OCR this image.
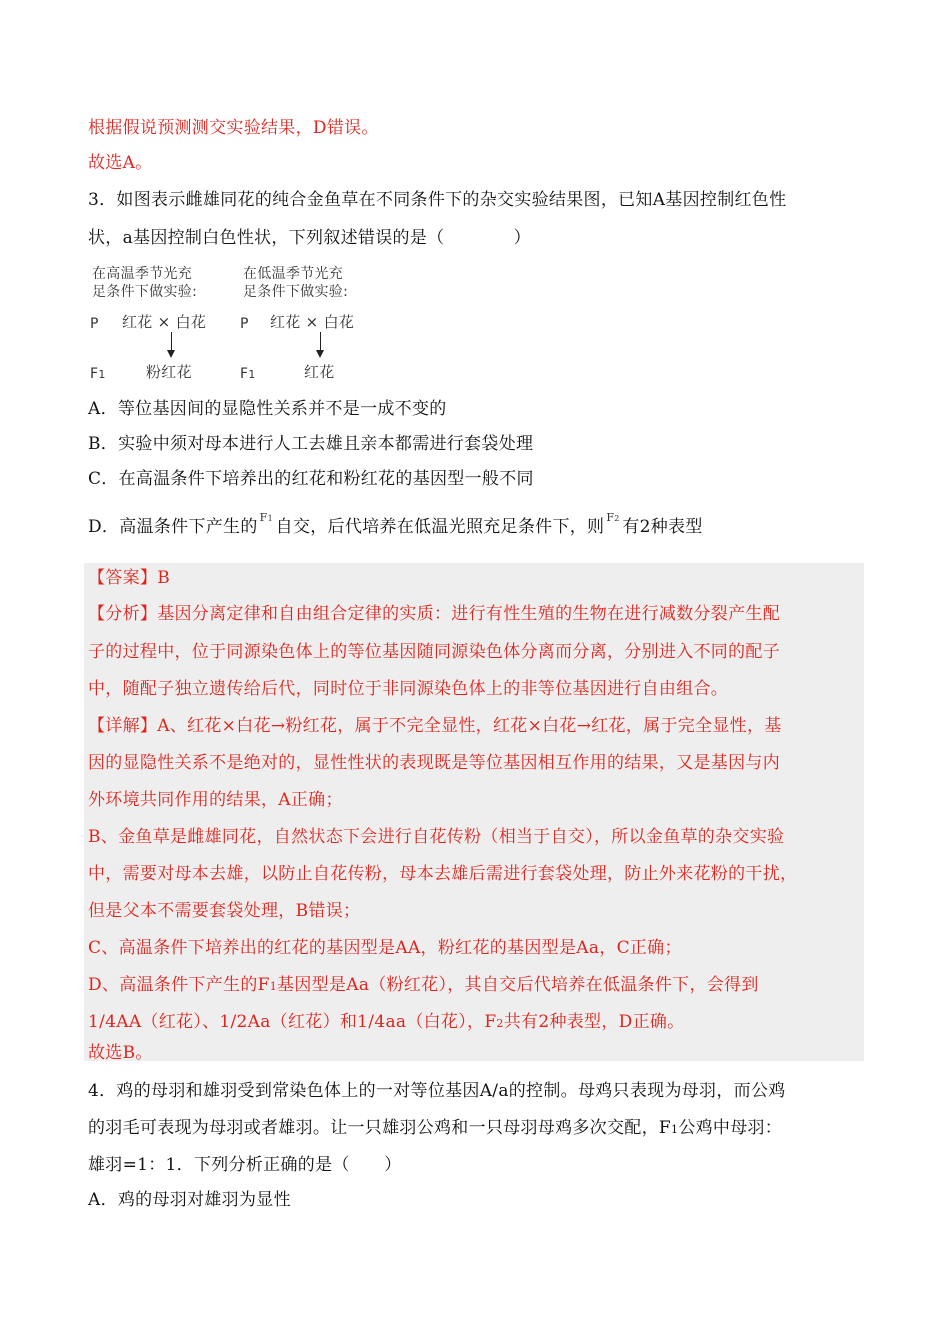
根据假说预测测交实验结果，D错误。
故选A。
3．如图表示雌雄同花的纯合金鱼草在不同条件下的杂交实验结果图，已知A基因控制红色性
状，a基因控制白色性状，下列叙述错误的是（　　　　）
在高温季节光充
足条件下做实验:
在低温季节光充
足条件下做实验:
P 红花 × 白花 P 红花 × 白花
F1	粉红花	F1	红花
A．等位基因间的显隐性关系并不是一成不变的
B．实验中须对母本进行人工去雄且亲本都需进行套袋处理
C．在高温条件下培养出的红花和粉红花的基因型一般不同
D．高温条件下产生的 F1 自交，后代培养在低温光照充足条件下，则 F2 有2种表型
【答案】B
【分析】基因分离定律和自由组合定律的实质：进行有性生殖的生物在进行减数分裂产生配
子的过程中，位于同源染色体上的等位基因随同源染色体分离而分离，分别进入不同的配子
中，随配子独立遗传给后代，同时位于非同源染色体上的非等位基因进行自由组合。
【详解】A、红花×白花→粉红花，属于不完全显性，红花×白花→红花，属于完全显性，基
因的显隐性关系不是绝对的，显性性状的表现既是等位基因相互作用的结果，又是基因与内
外环境共同作用的结果，A正确；
B、金鱼草是雌雄同花，自然状态下会进行自花传粉（相当于自交），所以金鱼草的杂交实验
中，需要对母本去雄，以防止自花传粉，母本去雄后需进行套袋处理，防止外来花粉的干扰，
但是父本不需要套袋处理，B错误；
C、高温条件下培养出的红花的基因型是AA，粉红花的基因型是Aa，C正确；
D、高温条件下产生的F1基因型是Aa（粉红花），其自交后代培养在低温条件下，会得到
1/4AA（红花）、1/2Aa（红花）和1/4aa（白花），F2共有2种表型，D正确。
故选B。
4．鸡的母羽和雄羽受到常染色体上的一对等位基因A/a的控制。母鸡只表现为母羽，而公鸡
的羽毛可表现为母羽或者雄羽。让一只雄羽公鸡和一只母羽母鸡多次交配，F1公鸡中母羽：
雄羽=1：1．下列分析正确的是（　　）
A．鸡的母羽对雄羽为显性
